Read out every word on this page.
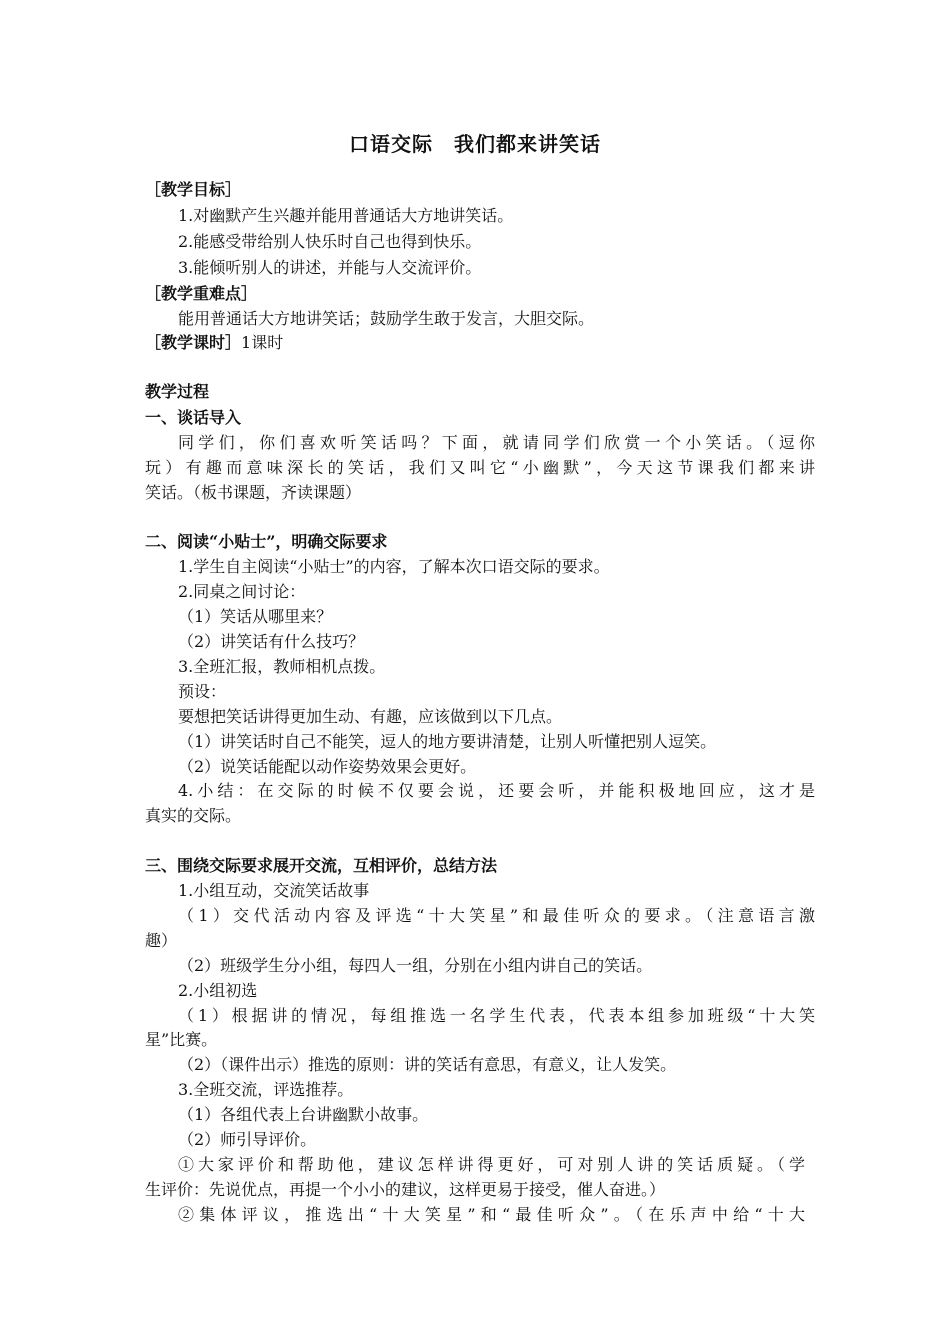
口语交际　我们都来讲笑话
［教学目标］
1.对幽默产生兴趣并能用普通话大方地讲笑话。
2.能感受带给别人快乐时自己也得到快乐。
3.能倾听别人的讲述，并能与人交流评价。
［教学重难点］
能用普通话大方地讲笑话；鼓励学生敢于发言，大胆交际。
［教学课时］1课时
教学过程
一、谈话导入
同学们，你们喜欢听笑话吗？下面，就请同学们欣赏一个小笑话。（逗你
玩）有趣而意味深长的笑话，我们又叫它“小幽默”，今天这节课我们都来讲
笑话。（板书课题，齐读课题）
二、阅读“小贴士”，明确交际要求
1.学生自主阅读“小贴士”的内容，了解本次口语交际的要求。
2.同桌之间讨论：
（1）笑话从哪里来？
（2）讲笑话有什么技巧？
3.全班汇报，教师相机点拨。
预设：
要想把笑话讲得更加生动、有趣，应该做到以下几点。
（1）讲笑话时自己不能笑，逗人的地方要讲清楚，让别人听懂把别人逗笑。
（2）说笑话能配以动作姿势效果会更好。
4.小结：在交际的时候不仅要会说，还要会听，并能积极地回应，这才是
真实的交际。
三、围绕交际要求展开交流，互相评价，总结方法
1.小组互动，交流笑话故事
（1）交代活动内容及评选“十大笑星”和最佳听众的要求。（注意语言激
趣）
（2）班级学生分小组，每四人一组，分别在小组内讲自己的笑话。
2.小组初选
（1）根据讲的情况，每组推选一名学生代表，代表本组参加班级“十大笑
星”比赛。
（2）（课件出示）推选的原则：讲的笑话有意思，有意义，让人发笑。
3.全班交流，评选推荐。
（1）各组代表上台讲幽默小故事。
（2）师引导评价。
①大家评价和帮助他，建议怎样讲得更好，可对别人讲的笑话质疑。（学
生评价：先说优点，再提一个小小的建议，这样更易于接受，催人奋进。）
②集体评议，推选出“十大笑星”和“最佳听众”。（在乐声中给“十大
